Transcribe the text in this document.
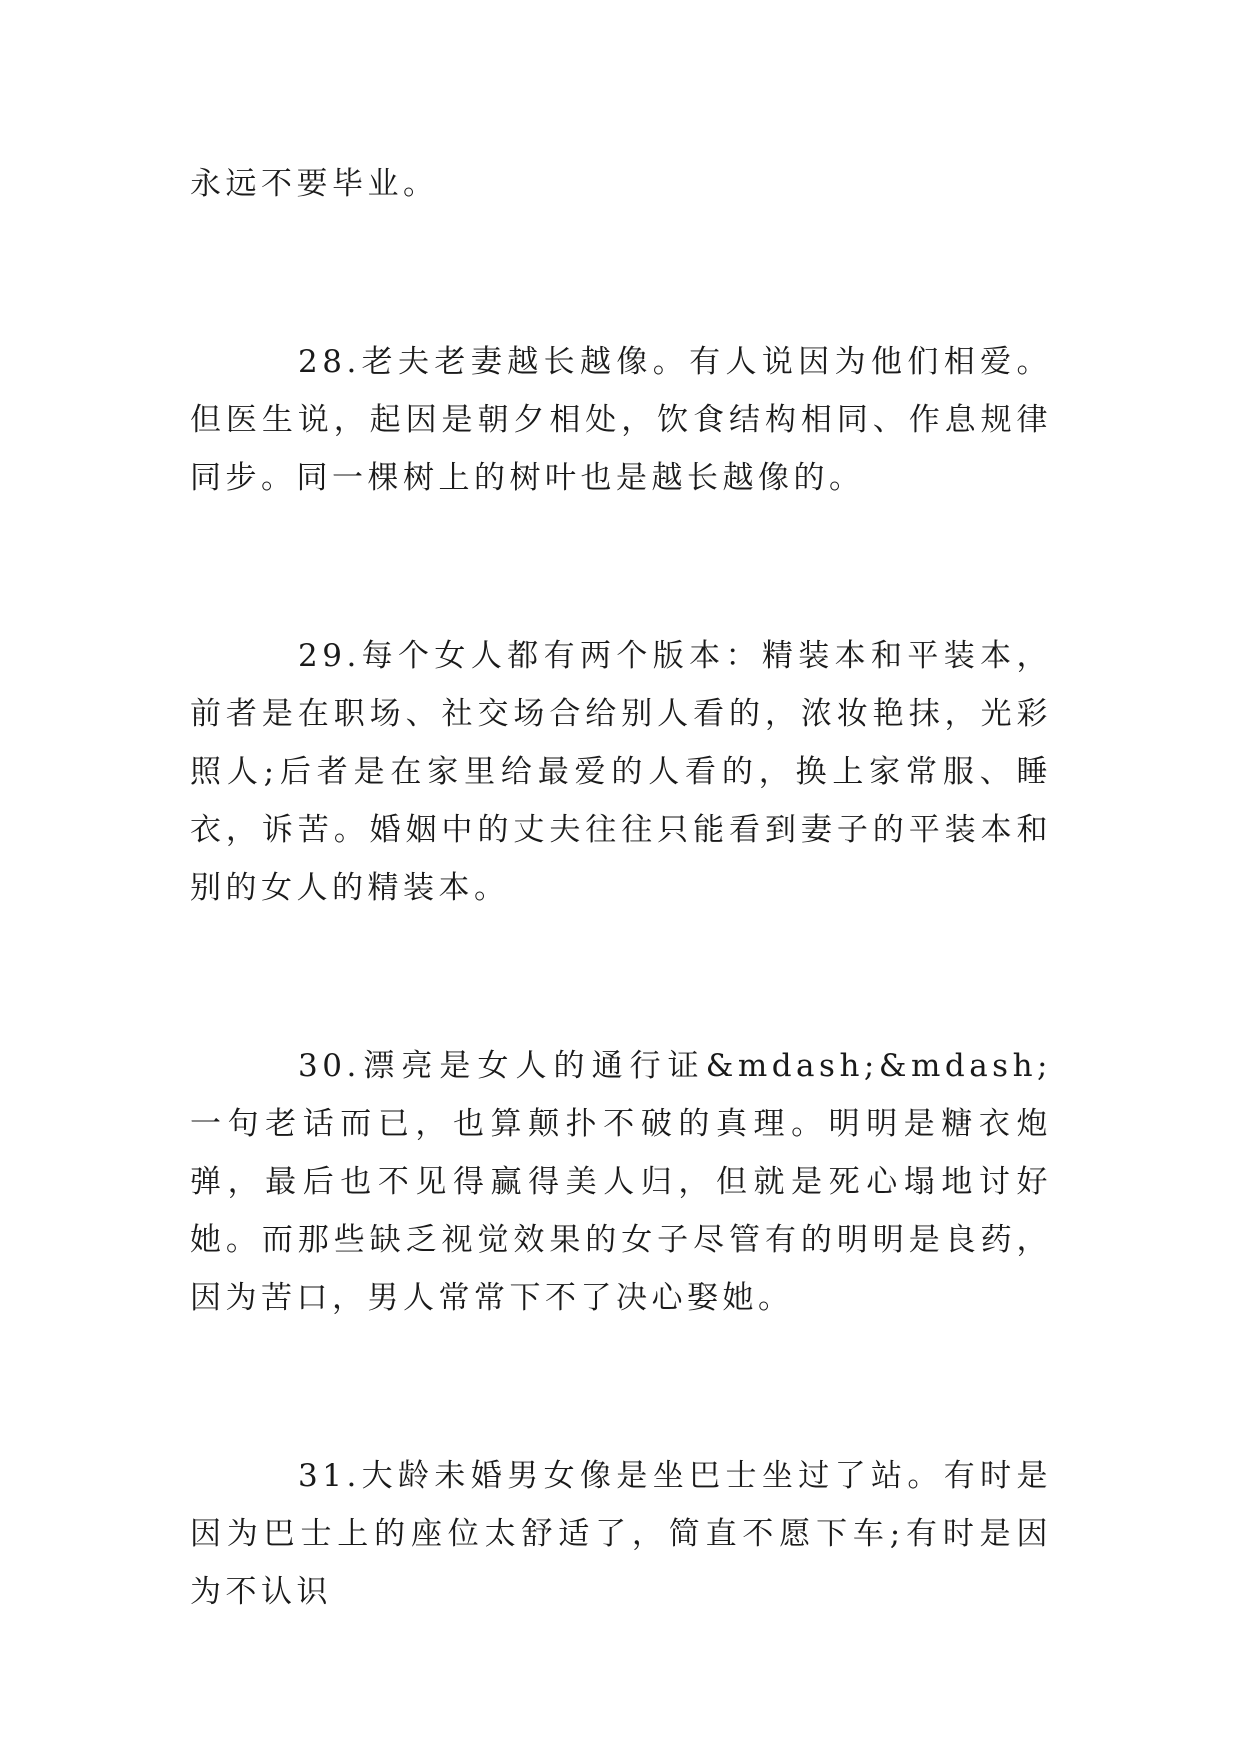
永远不要毕业。

28.老夫老妻越长越像。有人说因为他们相爱。但医生说，起因是朝夕相处，饮食结构相同、作息规律同步。同一棵树上的树叶也是越长越像的。

29.每个女人都有两个版本：精装本和平装本，前者是在职场、社交场合给别人看的，浓妆艳抹，光彩照人;后者是在家里给最爱的人看的，换上家常服、睡衣，诉苦。婚姻中的丈夫往往只能看到妻子的平装本和别的女人的精装本。

30.漂亮是女人的通行证&mdash;&mdash;一句老话而已，也算颠扑不破的真理。明明是糖衣炮弹，最后也不见得赢得美人归，但就是死心塌地讨好她。而那些缺乏视觉效果的女子尽管有的明明是良药，因为苦口，男人常常下不了决心娶她。

31.大龄未婚男女像是坐巴士坐过了站。有时是因为巴士上的座位太舒适了，简直不愿下车;有时是因为不认识
